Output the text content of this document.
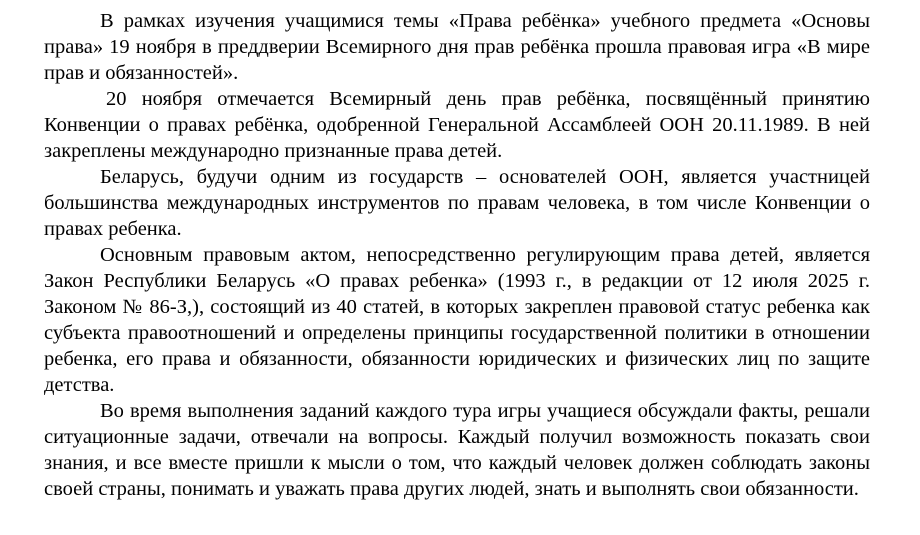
В рамках изучения учащимися темы «Права ребёнка» учебного предмета «Основы права» 19 ноября в преддверии Всемирного дня прав ребёнка прошла правовая игра «В мире прав и обязанностей».

20 ноября отмечается Всемирный день прав ребёнка, посвящённый принятию Конвенции о правах ребёнка, одобренной Генеральной Ассамблеей ООН 20.11.1989. В ней закреплены международно признанные права детей.

Беларусь, будучи одним из государств – основателей ООН, является участницей большинства международных инструментов по правам человека, в том числе Конвенции о правах ребенка.

Основным правовым актом, непосредственно регулирующим права детей, является Закон Республики Беларусь «О правах ребенка» (1993 г., в редакции от 12 июля 2025 г. Законом № 86-З,), состоящий из 40 статей, в которых закреплен правовой статус ребенка как субъекта правоотношений и определены принципы государственной политики в отношении ребенка, его права и обязанности, обязанности юридических и физических лиц по защите детства.

Во время выполнения заданий каждого тура игры учащиеся обсуждали факты, решали ситуационные задачи, отвечали на вопросы. Каждый получил возможность показать свои знания, и все вместе пришли к мысли о том, что каждый человек должен соблюдать законы своей страны, понимать и уважать права других людей, знать и выполнять свои обязанности.
